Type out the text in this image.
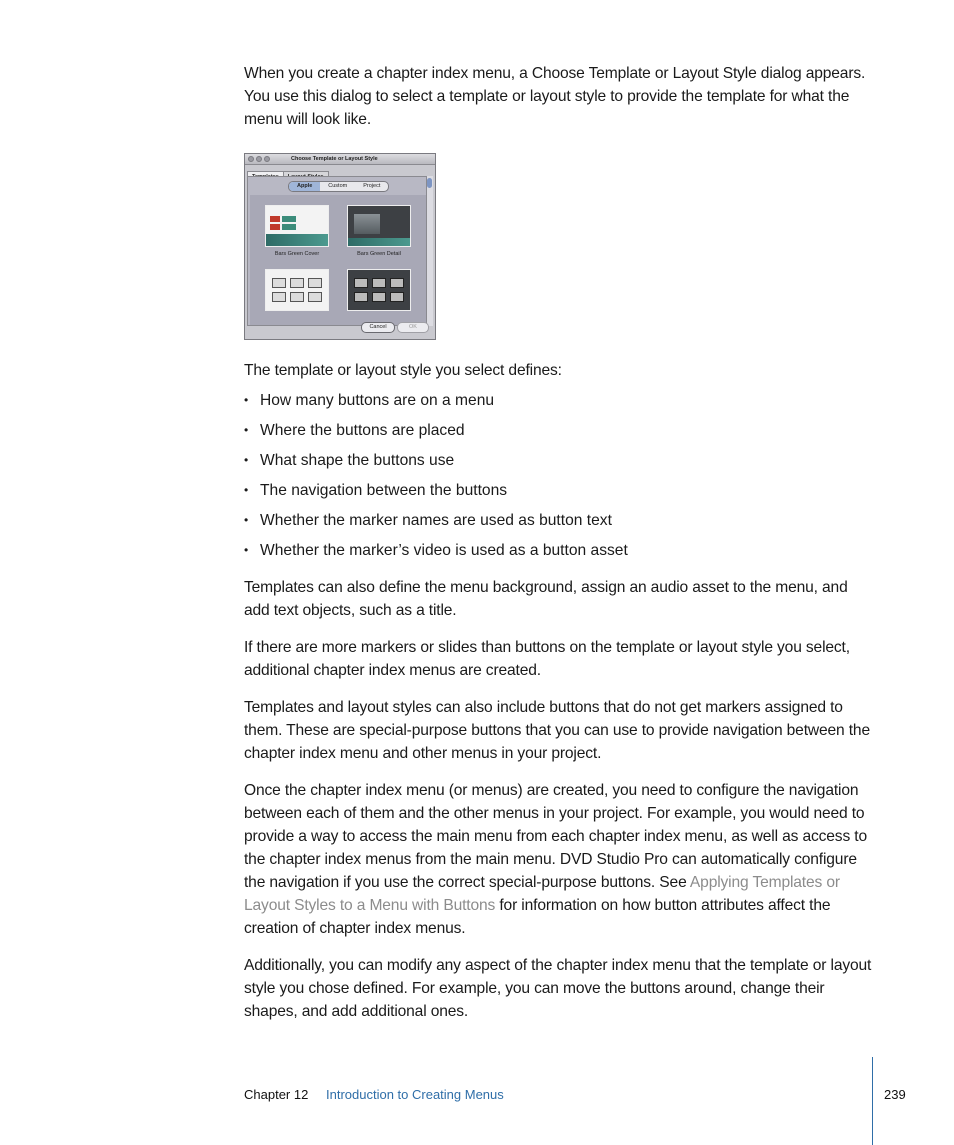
When you create a chapter index menu, a Choose Template or Layout Style dialog appears. You use this dialog to select a template or layout style to provide the template for what the menu will look like.

Choose Template or Layout Style
Apple	Custom	Project
Bars Green Cover	Bars Green Detail
Cancel	OK

The template or layout style you select defines:

• How many buttons are on a menu
• Where the buttons are placed
• What shape the buttons use
• The navigation between the buttons
• Whether the marker names are used as button text
• Whether the marker’s video is used as a button asset

Templates can also define the menu background, assign an audio asset to the menu, and add text objects, such as a title.

If there are more markers or slides than buttons on the template or layout style you select, additional chapter index menus are created.

Templates and layout styles can also include buttons that do not get markers assigned to them. These are special-purpose buttons that you can use to provide navigation between the chapter index menu and other menus in your project.

Once the chapter index menu (or menus) are created, you need to configure the navigation between each of them and the other menus in your project. For example, you would need to provide a way to access the main menu from each chapter index menu, as well as access to the chapter index menus from the main menu. DVD Studio Pro can automatically configure the navigation if you use the correct special-purpose buttons. See Applying Templates or Layout Styles to a Menu with Buttons for information on how button attributes affect the creation of chapter index menus.

Additionally, you can modify any aspect of the chapter index menu that the template or layout style you chose defined. For example, you can move the buttons around, change their shapes, and add additional ones.

Chapter 12 Introduction to Creating Menus	239
